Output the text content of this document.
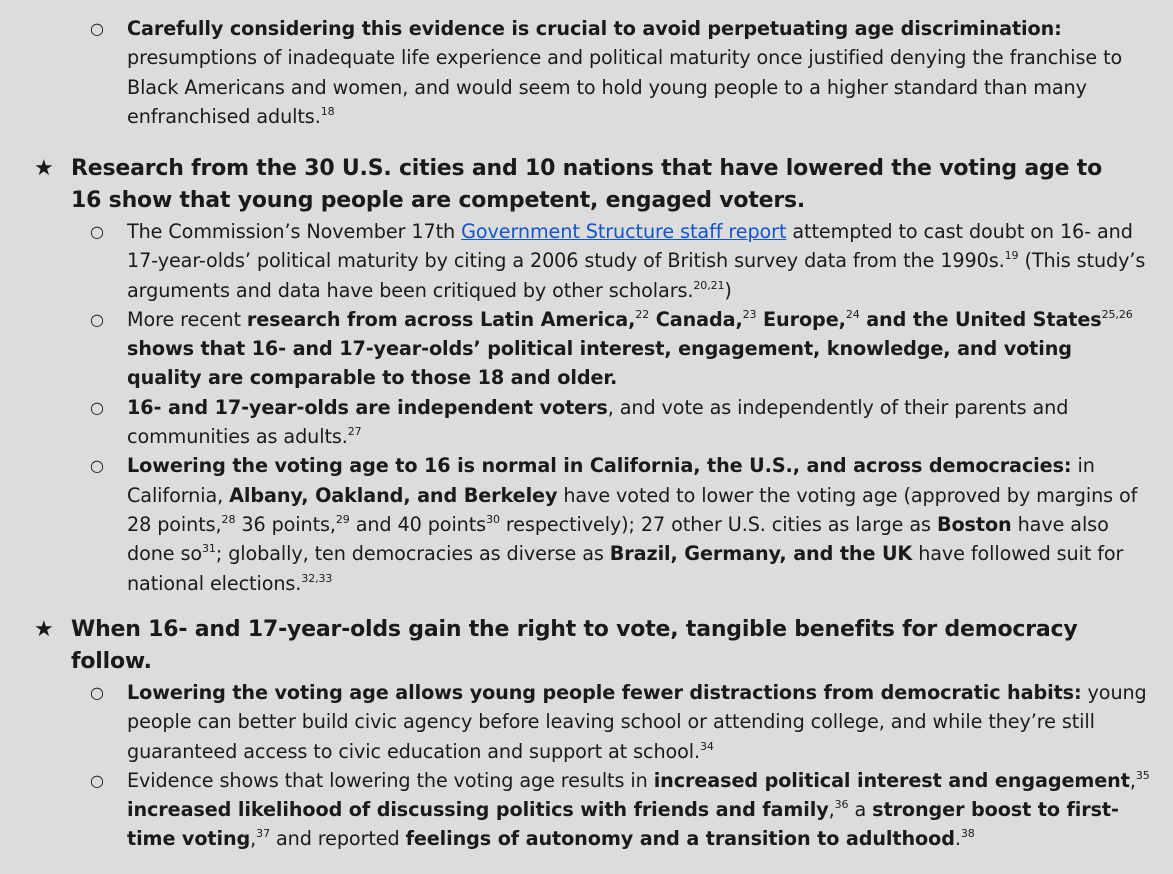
○	Carefully considering this evidence is crucial to avoid perpetuating age discrimination: presumptions of inadequate life experience and political maturity once justified denying the franchise to Black Americans and women, and would seem to hold young people to a higher standard than many enfranchised adults.$^{18}$
★ Research from the 30 U.S. cities and 10 nations that have lowered the voting age to 16 show that young people are competent, engaged voters.
○	The Commission’s November 17th Government Structure staff report attempted to cast doubt on 16- and 17-year-olds’ political maturity by citing a 2006 study of British survey data from the 1990s.$^{19}$ (This study’s arguments and data have been critiqued by other scholars.$^{20,21}$)
○	More recent research from across Latin America,$^{22}$ Canada,$^{23}$ Europe,$^{24}$ and the United States$^{25,26}$ shows that 16- and 17-year-olds’ political interest, engagement, knowledge, and voting quality are comparable to those 18 and older.
○	16- and 17-year-olds are independent voters, and vote as independently of their parents and communities as adults.$^{27}$
○	Lowering the voting age to 16 is normal in California, the U.S., and across democracies: in California, Albany, Oakland, and Berkeley have voted to lower the voting age (approved by margins of 28 points,$^{28}$ 36 points,$^{29}$ and 40 points$^{30}$ respectively); 27 other U.S. cities as large as Boston have also done $so^{31}$; globally, ten democracies as diverse as Brazil, Germany, and the UK have followed suit for national elections.$^{32,33}$
★ When 16- and 17-year-olds gain the right to vote, tangible benefits for democracy follow.
○	Lowering the voting age allows young people fewer distractions from democratic habits: young people can better build civic agency before leaving school or attending college, and while they’re still guaranteed access to civic education and support at school.$^{34}$
○	Evidence shows that lowering the voting age results in increased political interest and engagement,$^{35}$ increased likelihood of discussing politics with friends and family,$^{36}$ a stronger boost to first-time voting,$^{37}$ and reported feelings of autonomy and a transition to adulthood.$^{38}$
